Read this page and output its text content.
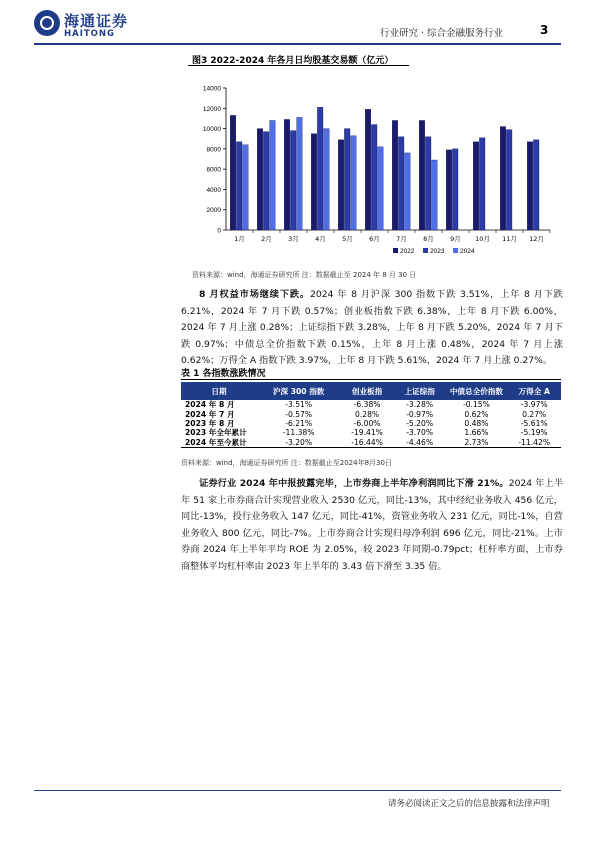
海通证券
HAITONG	行业研究 · 综合金融服务行业	3
图3 2022-2024 年各月日均股基交易额（亿元）
0
2000
4000
6000
8000
10000
12000
14000
1月	2月	3月	4月	5月	6月	7月	8月	9月 10月 11月 12月
2022 2023 2024
资料来源：wind，海通证券研究所 注：数据截止至 2024 年 8 月 30 日
8 月权益市场继续下跌。2024 年 8 月沪深 300 指数下跌 3.51%，上年 8 月下跌 6.21%，2024 年 7 月下跌 0.57%；创业板指数下跌 6.38%，上年 8 月下跌 6.00%，2024 年 7 月上涨 0.28%；上证综指下跌 3.28%，上年 8 月下跌 5.20%，2024 年 7 月下跌 0.97%；中债总全价指数下跌 0.15%，上年 8 月上涨 0.48%，2024 年 7 月上涨 0.62%；万得全 A 指数下跌 3.97%，上年 8 月下跌 5.61%，2024 年 7 月上涨 0.27%。
表 1 各指数涨跌情况
日期	沪深 300 指数	创业板指	上证综指	中债总全价指数	万得全 A
2024 年 8 月	-3.51%	-6.38%	-3.28%	-0.15%	-3.97%
2024 年 7 月	-0.57%	0.28%	-0.97%	0.62%	0.27%
2023 年 8 月	-6.21%	-6.00%	-5.20%	0.48%	-5.61%
2023 年全年累计	-11.38%	-19.41%	-3.70%	1.66%	-5.19%
2024 年至今累计	-3.20%	-16.44%	-4.46%	2.73%	-11.42%
资料来源：wind，海通证券研究所 注：数据截止至2024年8月30日
证券行业 2024 年中报披露完毕，上市券商上半年净利润同比下滑 21%。2024 年上半年 51 家上市券商合计实现营业收入 2530 亿元，同比-13%，其中经纪业务收入 456 亿元，同比-13%，投行业务收入 147 亿元，同比-41%，资管业务收入 231 亿元，同比-1%，自营业务收入 800 亿元，同比-7%。上市券商合计实现归母净利润 696 亿元，同比-21%。上市券商 2024 年上半年平均 ROE 为 2.05%，较 2023 年同期-0.79pct；杠杆率方面，上市券商整体平均杠杆率由 2023 年上半年的 3.43 倍下滑至 3.35 倍。
请务必阅读正文之后的信息披露和法律声明
